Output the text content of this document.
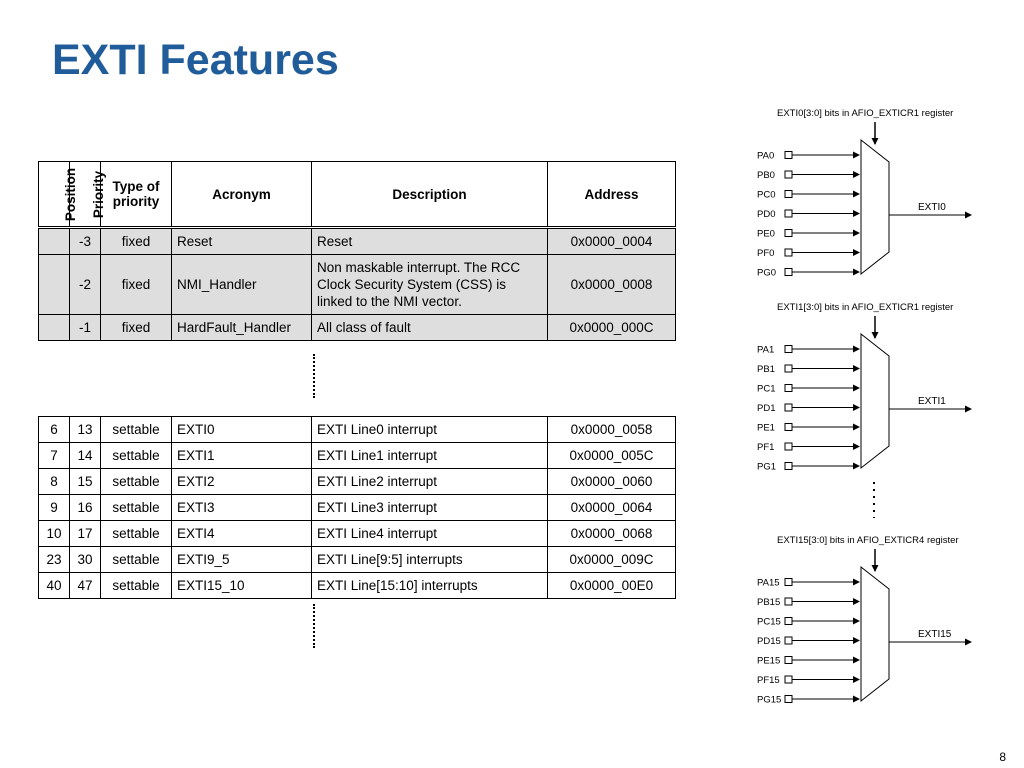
EXTI Features
Position	Priority	Type of priority	Acronym	Description	Address
	-3	fixed	Reset	Reset	0x0000_0004
	-2	fixed	NMI_Handler	Non maskable interrupt. The RCC Clock Security System (CSS) is linked to the NMI vector.	0x0000_0008
	-1	fixed	HardFault_Handler	All class of fault	0x0000_000C
6	13	settable	EXTI0	EXTI Line0 interrupt	0x0000_0058
7	14	settable	EXTI1	EXTI Line1 interrupt	0x0000_005C
8	15	settable	EXTI2	EXTI Line2 interrupt	0x0000_0060
9	16	settable	EXTI3	EXTI Line3 interrupt	0x0000_0064
10	17	settable	EXTI4	EXTI Line4 interrupt	0x0000_0068
23	30	settable	EXTI9_5	EXTI Line[9:5] interrupts	0x0000_009C
40	47	settable	EXTI15_10	EXTI Line[15:10] interrupts	0x0000_00E0
EXTI0[3:0] bits in AFIO_EXTICR1 register
PA0
PB0
PC0
PD0
PE0
PF0
PG0
EXTI0
EXTI1[3:0] bits in AFIO_EXTICR1 register
PA1
PB1
PC1
PD1
PE1
PF1
PG1
EXTI1
EXTI15[3:0] bits in AFIO_EXTICR4 register
PA15
PB15
PC15
PD15
PE15
PF15
PG15
EXTI15
8
